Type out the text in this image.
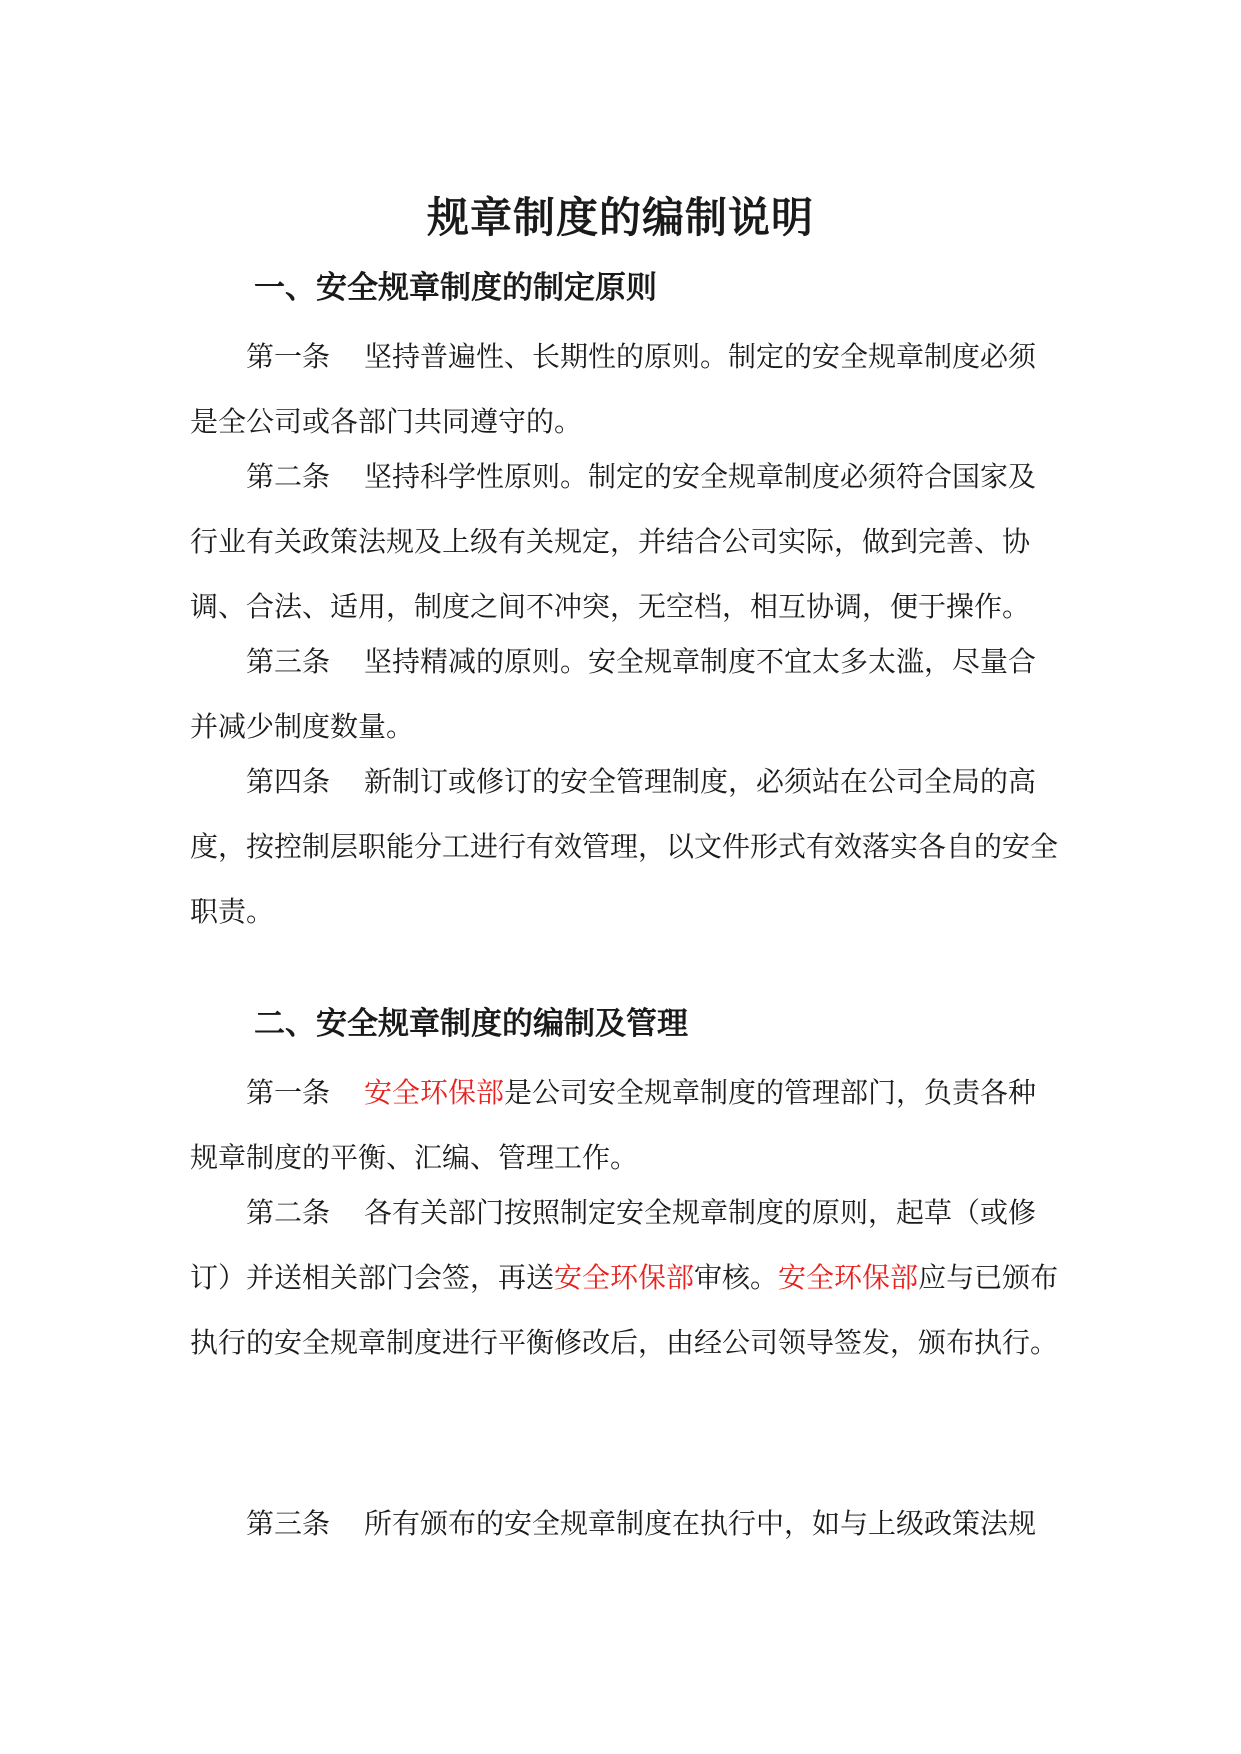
规章制度的编制说明
一、安全规章制度的制定原则

第一条 坚持普遍性、长期性的原则。制定的安全规章制度必须是全公司或各部门共同遵守的。

第二条 坚持科学性原则。制定的安全规章制度必须符合国家及行业有关政策法规及上级有关规定，并结合公司实际，做到完善、协调、合法、适用，制度之间不冲突，无空档，相互协调，便于操作。

第三条 坚持精减的原则。安全规章制度不宜太多太滥，尽量合并减少制度数量。

第四条 新制订或修订的安全管理制度，必须站在公司全局的高度，按控制层职能分工进行有效管理，以文件形式有效落实各自的安全职责。

二、安全规章制度的编制及管理

第一条 安全环保部是公司安全规章制度的管理部门，负责各种规章制度的平衡、汇编、管理工作。

第二条 各有关部门按照制定安全规章制度的原则，起草（或修订）并送相关部门会签，再送安全环保部审核。安全环保部应与已颁布执行的安全规章制度进行平衡修改后，由经公司领导签发，颁布执行。

第三条 所有颁布的安全规章制度在执行中，如与上级政策法规
